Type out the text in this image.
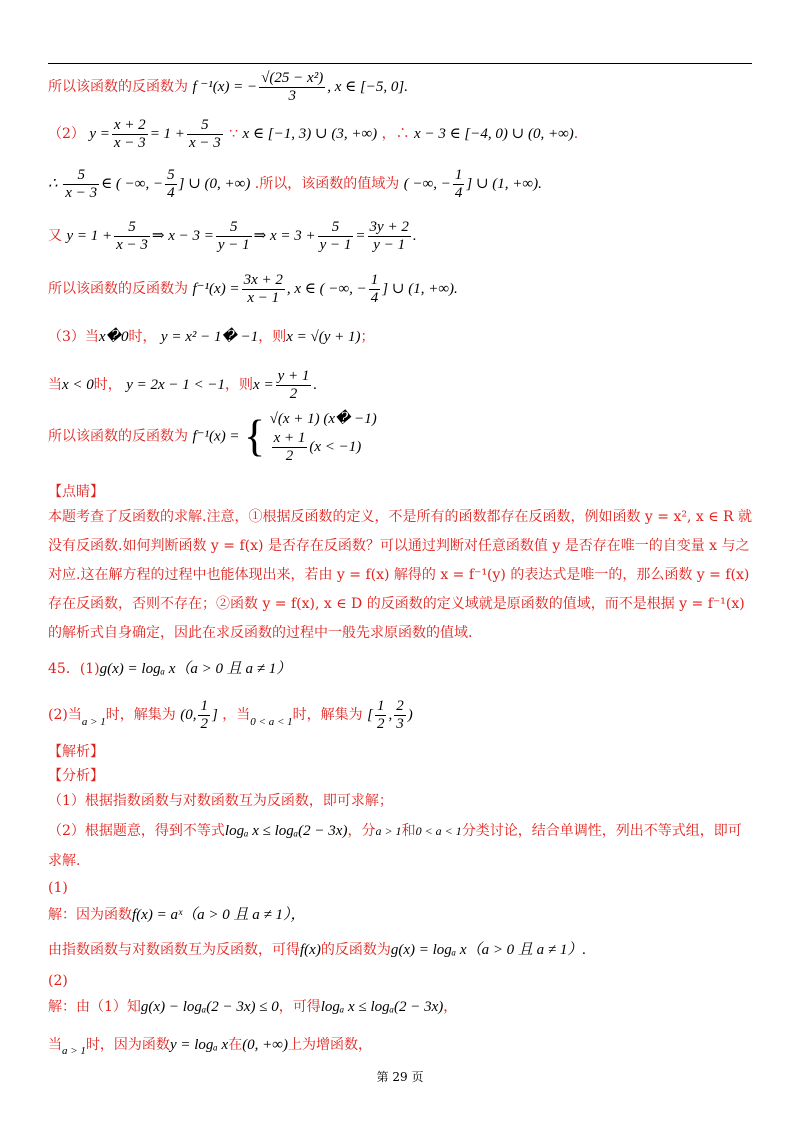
所以该函数的反函数为 f ⁻¹(x) = − $\frac{\text{√(25 − x²)}}{3}$ , x ∈ [−5, 0].
（2） $y = \frac{x + 2}{x - 3} = 1 + \frac{5}{x - 3}$ ∵ x ∈ [−1, 3) ∪ (3, +∞) ，∴ x − 3 ∈ [−4, 0) ∪ (0, +∞).
∴ $\frac{5}{x - 3}$ ∈ ( −∞, − $\frac{5}{4}$ ] ∪ (0, +∞) .所以，该函数的值域为 ( −∞, − $\frac{1}{4}$ ] ∪ (1, +∞).
又 $y = 1 + \frac{5}{x - 3}$ ⇒ $x - 3 = \frac{5}{y - 1}$ ⇒ $x = 3 + \frac{5}{y - 1} = \frac{3y + 2}{y - 1}$ .
所以该函数的反函数为 $f^{-1}(x) = \frac{3x + 2}{x - 1}$ , x ∈ ( −∞, − $\frac{1}{4}$ ] ∪ (1, +∞).
（3）当x�0时， y = x² − 1� −1，则x = √(y + 1)；
当x < 0时， y = 2x − 1 < −1，则$x = \frac{y + 1}{2}$ .
所以该函数的反函数为 f⁻¹(x) = { √(x + 1) (x� −1)
$\frac{x + 1}{2} (x < -1)$
【点睛】
本题考查了反函数的求解.注意，①根据反函数的定义，不是所有的函数都存在反函数，例如函数 y = x², x ∈ R 就没有反函数.如何判断函数 y = f(x) 是否存在反函数？可以通过判断对任意函数值 y 是否存在唯一的自变量 x 与之对应.这在解方程的过程中也能体现出来，若由 y = f(x) 解得的 x = f⁻¹(y) 的表达式是唯一的，那么函数 y = f(x) 存在反函数，否则不存在；②函数 y = f(x), x ∈ D 的反函数的定义域就是原函数的值域，而不是根据 y = f⁻¹(x) 的解析式自身确定，因此在求反函数的过程中一般先求原函数的值域.
45．(1)g(x) = logₐ x（a > 0 且 a ≠ 1）
(2)当$_{a > 1}$时，解集为 (0, $\frac{1}{2}$ ] ，当$_{0 < a < 1}$时，解集为 [ $\frac{1}{2}$ , $\frac{2}{3}$ )
【解析】
【分析】
（1）根据指数函数与对数函数互为反函数，即可求解；
（2）根据题意，得到不等式logₐ x ≤ logₐ(2 − 3x)，分a > 1和0 < a < 1分类讨论，结合单调性，列出不等式组，即可
求解.
(1)
解：因为函数f(x) = aˣ（a > 0 且 a ≠ 1），
由指数函数与对数函数互为反函数，可得f(x)的反函数为g(x) = logₐ x（a > 0 且 a ≠ 1）.
(2)
解：由（1）知g(x) − logₐ(2 − 3x) ≤ 0，可得logₐ x ≤ logₐ(2 − 3x)，
当$_{a > 1}$时，因为函数y = logₐ x在(0, +∞)上为增函数，
第 29 页
